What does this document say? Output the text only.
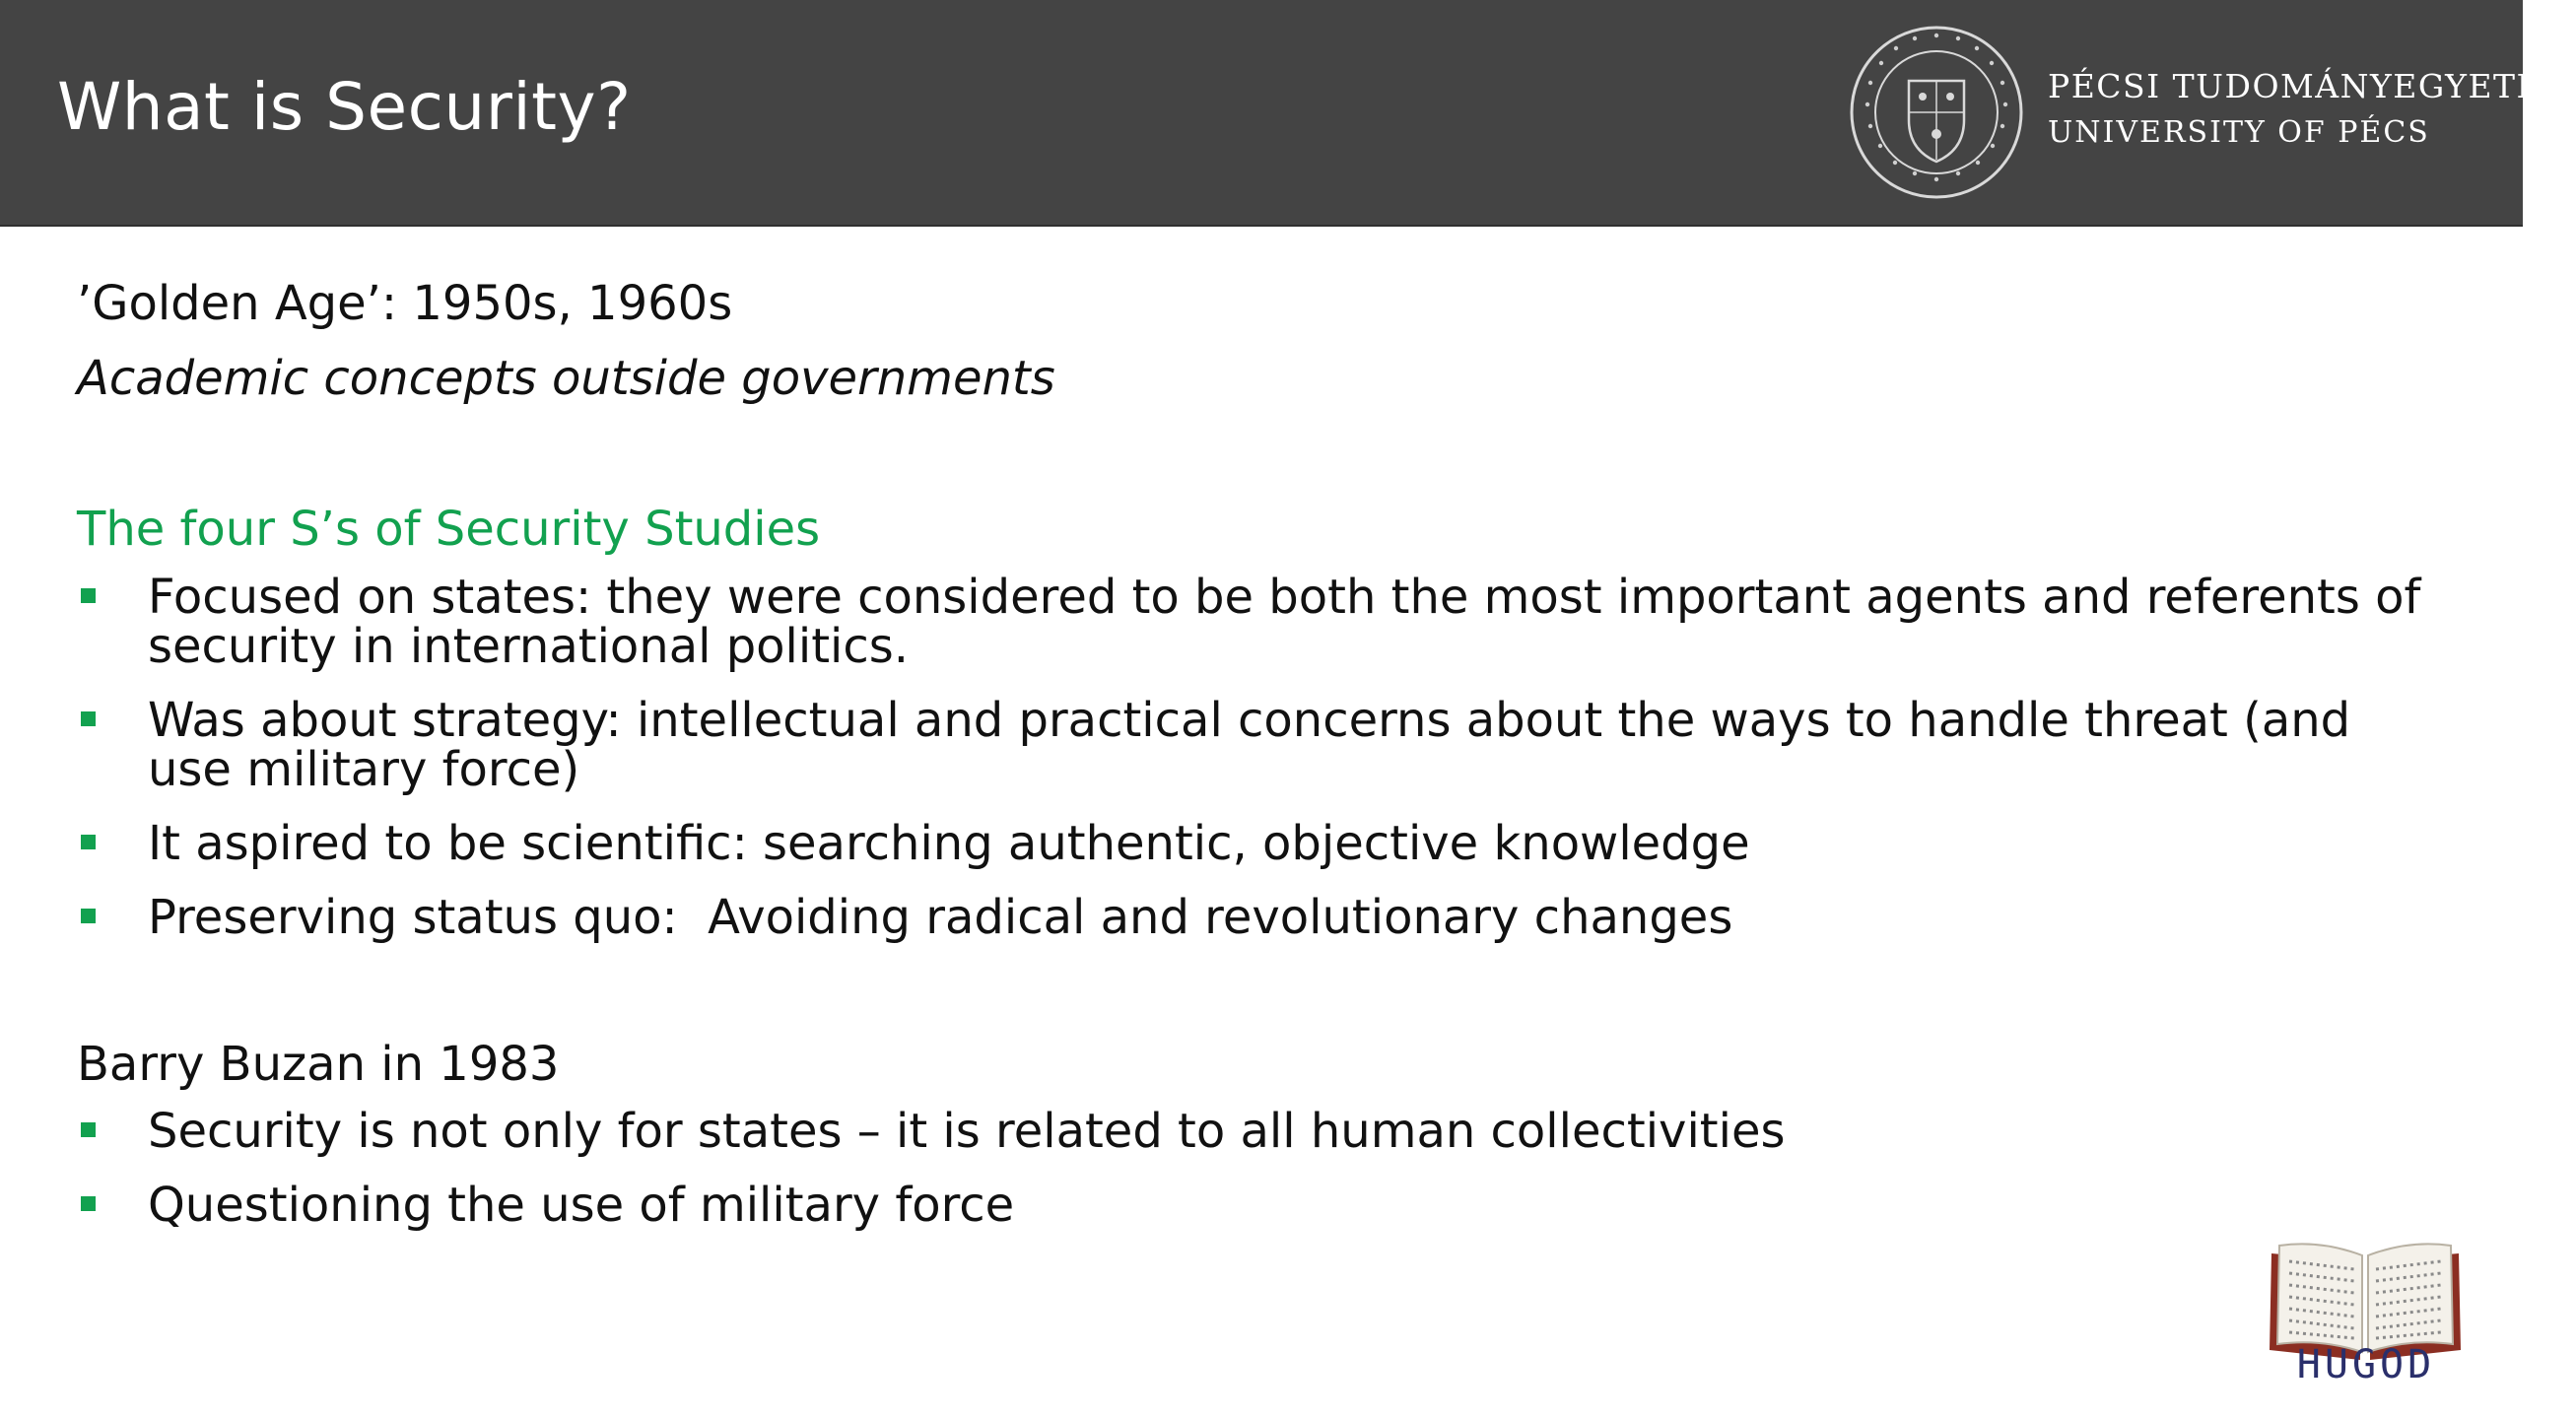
What is Security?	PÉCSI TUDOMÁNYEGYETEM
UNIVERSITY OF PÉCS
’Golden Age’: 1950s, 1960s
Academic concepts outside governments
The four S’s of Security Studies
Focused on states: they were considered to be both the most important agents and referents of
security in international politics.
Was about strategy: intellectual and practical concerns about the ways to handle threat (and
use military force)
It aspired to be scientific: searching authentic, objective knowledge
Preserving status quo:  Avoiding radical and revolutionary changes
Barry Buzan in 1983
Security is not only for states – it is related to all human collectivities
Questioning the use of military force
HUGOD
